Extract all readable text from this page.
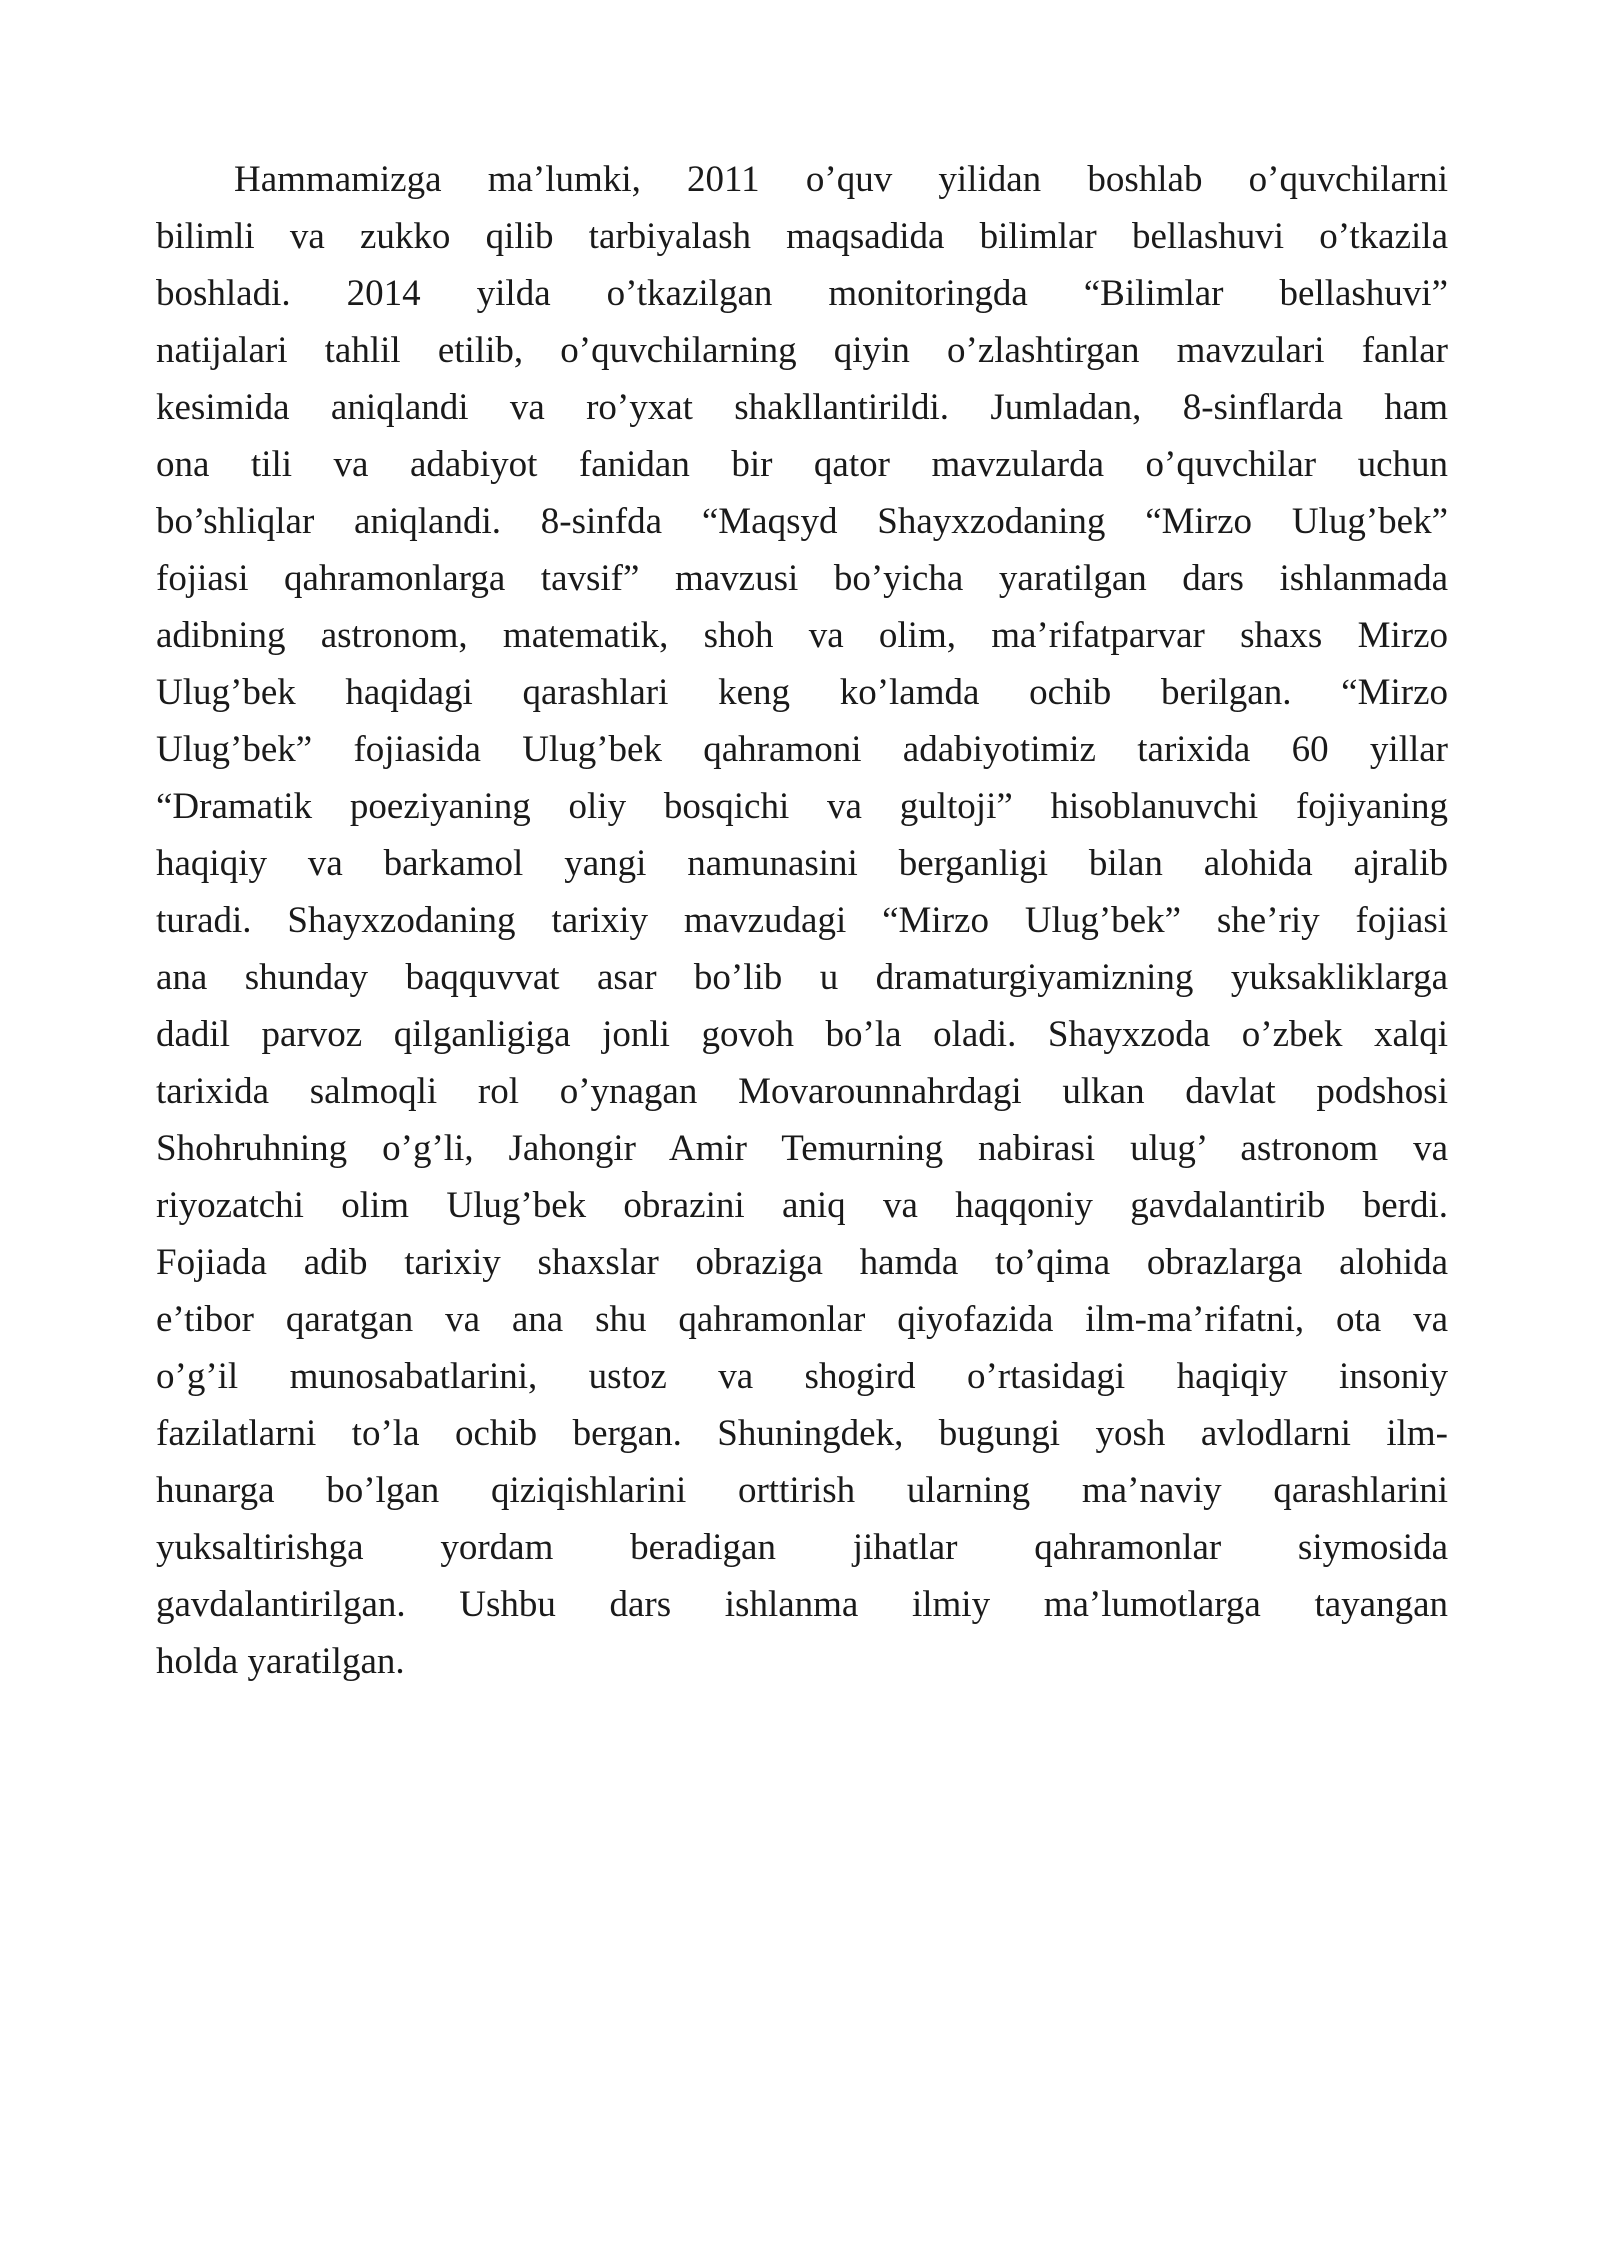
Hammamizga ma’lumki, 2011 o’quv yilidan boshlab o’quvchilarni
bilimli va zukko qilib tarbiyalash maqsadida bilimlar bellashuvi o’tkazila
boshladi. 2014 yilda o’tkazilgan monitoringda “Bilimlar bellashuvi”
natijalari tahlil etilib, o’quvchilarning qiyin o’zlashtirgan mavzulari fanlar
kesimida aniqlandi va ro’yxat shakllantirildi. Jumladan, 8-sinflarda ham
ona tili va adabiyot fanidan bir qator mavzularda o’quvchilar uchun
bo’shliqlar aniqlandi. 8-sinfda “Maqsyd Shayxzodaning “Mirzo Ulug’bek”
fojiasi qahramonlarga tavsif” mavzusi bo’yicha yaratilgan dars ishlanmada
adibning astronom, matematik, shoh va olim, ma’rifatparvar shaxs Mirzo
Ulug’bek haqidagi qarashlari keng ko’lamda ochib berilgan. “Mirzo
Ulug’bek” fojiasida Ulug’bek qahramoni adabiyotimiz tarixida 60 yillar
“Dramatik poeziyaning oliy bosqichi va gultoji” hisoblanuvchi fojiyaning
haqiqiy va barkamol yangi namunasini berganligi bilan alohida ajralib
turadi. Shayxzodaning tarixiy mavzudagi “Mirzo Ulug’bek” she’riy fojiasi
ana shunday baqquvvat asar bo’lib u dramaturgiyamizning yuksakliklarga
dadil parvoz qilganligiga jonli govoh bo’la oladi. Shayxzoda o’zbek xalqi
tarixida salmoqli rol o’ynagan Movarounnahrdagi ulkan davlat podshosi
Shohruhning o’g’li, Jahongir Amir Temurning nabirasi ulug’ astronom va
riyozatchi olim Ulug’bek obrazini aniq va haqqoniy gavdalantirib berdi.
Fojiada adib tarixiy shaxslar obraziga hamda to’qima obrazlarga alohida
e’tibor qaratgan va ana shu qahramonlar qiyofazida ilm-ma’rifatni, ota va
o’g’il munosabatlarini, ustoz va shogird o’rtasidagi haqiqiy insoniy
fazilatlarni to’la ochib bergan. Shuningdek, bugungi yosh avlodlarni ilm-
hunarga bo’lgan qiziqishlarini orttirish ularning ma’naviy qarashlarini
yuksaltirishga yordam beradigan jihatlar qahramonlar siymosida
gavdalantirilgan. Ushbu dars ishlanma ilmiy ma’lumotlarga tayangan
holda yaratilgan.
